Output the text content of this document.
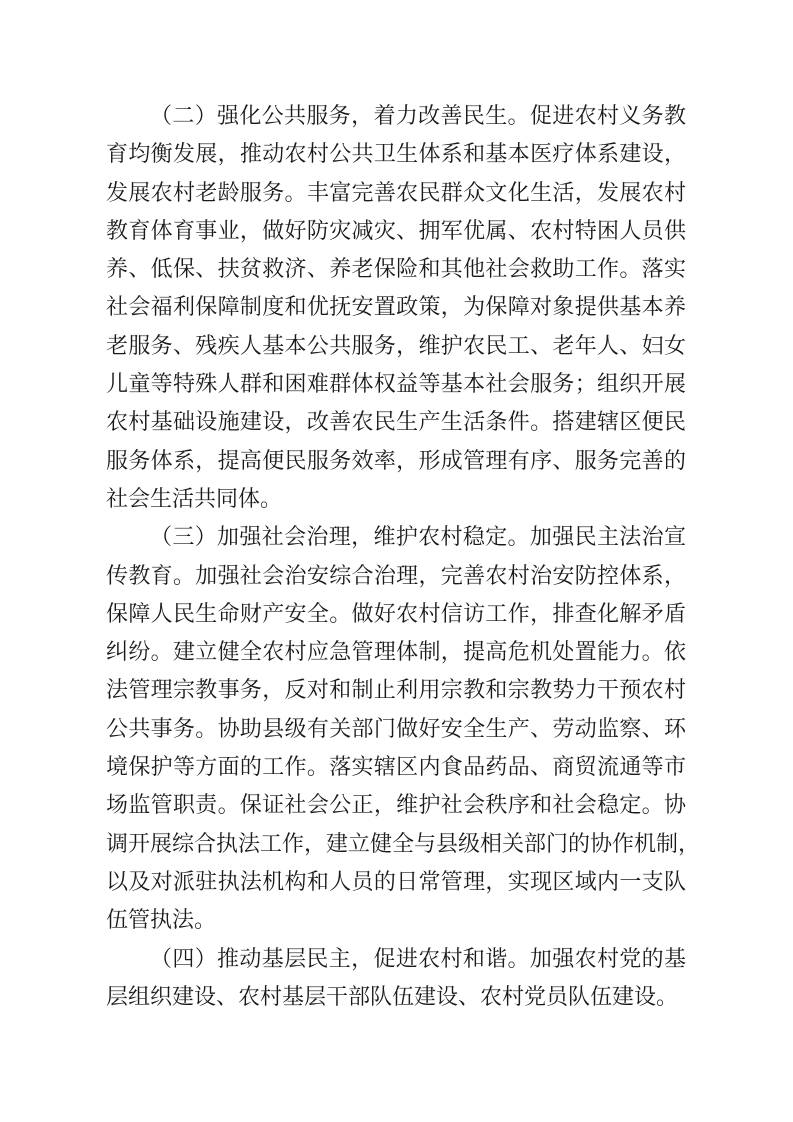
（二）强化公共服务，着力改善民生。促进农村义务教
育均衡发展，推动农村公共卫生体系和基本医疗体系建设，
发展农村老龄服务。丰富完善农民群众文化生活，发展农村
教育体育事业，做好防灾减灾、拥军优属、农村特困人员供
养、低保、扶贫救济、养老保险和其他社会救助工作。落实
社会福利保障制度和优抚安置政策，为保障对象提供基本养
老服务、残疾人基本公共服务，维护农民工、老年人、妇女
儿童等特殊人群和困难群体权益等基本社会服务；组织开展
农村基础设施建设，改善农民生产生活条件。搭建辖区便民
服务体系，提高便民服务效率，形成管理有序、服务完善的
社会生活共同体。
（三）加强社会治理，维护农村稳定。加强民主法治宣
传教育。加强社会治安综合治理，完善农村治安防控体系，
保障人民生命财产安全。做好农村信访工作，排查化解矛盾
纠纷。建立健全农村应急管理体制，提高危机处置能力。依
法管理宗教事务，反对和制止利用宗教和宗教势力干预农村
公共事务。协助县级有关部门做好安全生产、劳动监察、环
境保护等方面的工作。落实辖区内食品药品、商贸流通等市
场监管职责。保证社会公正，维护社会秩序和社会稳定。协
调开展综合执法工作，建立健全与县级相关部门的协作机制，
以及对派驻执法机构和人员的日常管理，实现区域内一支队
伍管执法。
（四）推动基层民主，促进农村和谐。加强农村党的基
层组织建设、农村基层干部队伍建设、农村党员队伍建设。
